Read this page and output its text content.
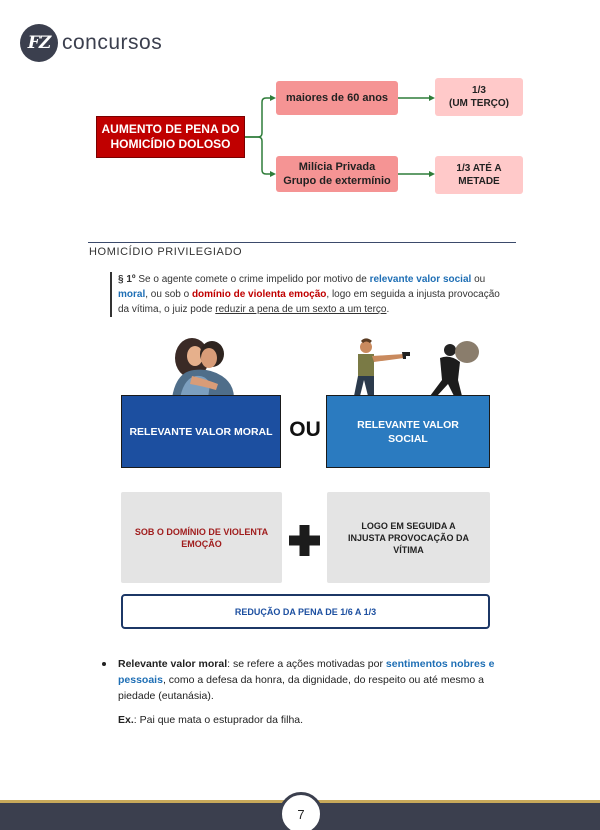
FZ concursos
AUMENTO DE PENA DO HOMICÍDIO DOLOSO
maiores de 60 anos
1/3
(UM TERÇO)
Milícia Privada
Grupo de extermínio
1/3 ATÉ A
METADE
HOMICÍDIO PRIVILEGIADO
§ 1º Se o agente comete o crime impelido por motivo de relevante valor social ou moral, ou sob o domínio de violenta emoção, logo em seguida a injusta provocação da vítima, o juiz pode reduzir a pena de um sexto a um terço.
RELEVANTE VALOR MORAL OU	RELEVANTE VALOR SOCIAL
SOB O DOMÍNIO DE VIOLENTA EMOÇÃO
LOGO EM SEGUIDA A INJUSTA PROVOCAÇÃO DA VÍTIMA
REDUÇÃO DA PENA DE 1/6 A 1/3
Relevante valor moral: se refere a ações motivadas por sentimentos nobres e pessoais, como a defesa da honra, da dignidade, do respeito ou até mesmo a piedade (eutanásia).
Ex.: Pai que mata o estuprador da filha.
7
